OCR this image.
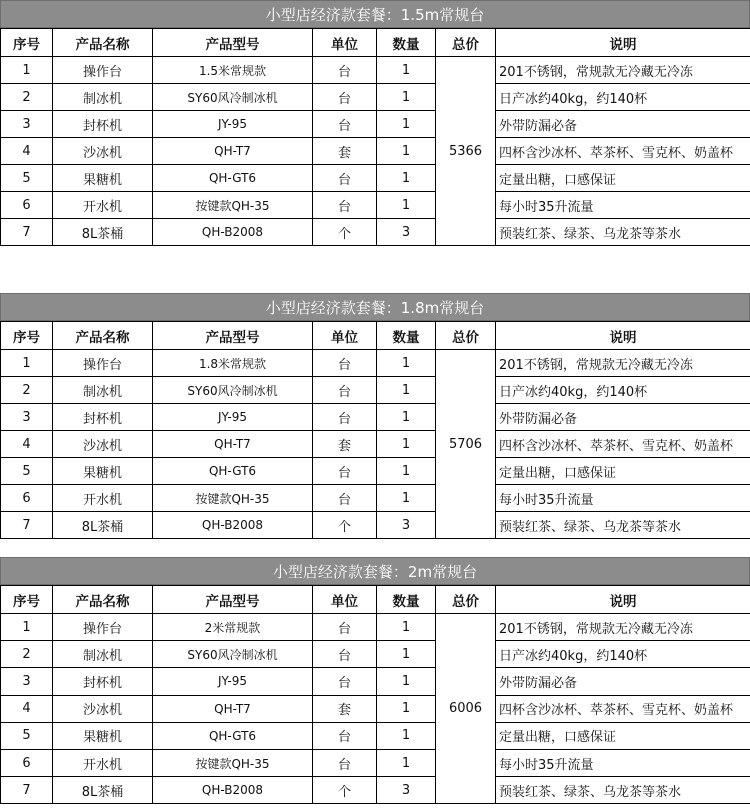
小型店经济款套餐：1.5m常规台
序号	产品名称	产品型号	单位	数量	总价	说明
1	操作台	1.5米常规款	台	1	5366	201不锈钢，常规款无冷藏无冷冻
2	制冰机	SY60风冷制冰机	台	1		日产冰约40kg，约140杯
3	封杯机	JY-95	台	1		外带防漏必备
4	沙冰机	QH-T7	套	1		四杯含沙冰杯、萃茶杯、雪克杯、奶盖杯
5	果糖机	QH-GT6	台	1		定量出糖，口感保证
6	开水机	按键款QH-35	台	1		每小时35升流量
7	8L茶桶	QH-B2008	个	3		预装红茶、绿茶、乌龙茶等茶水
小型店经济款套餐：1.8m常规台
序号	产品名称	产品型号	单位	数量	总价	说明
1	操作台	1.8米常规款	台	1	5706	201不锈钢，常规款无冷藏无冷冻
2	制冰机	SY60风冷制冰机	台	1		日产冰约40kg，约140杯
3	封杯机	JY-95	台	1		外带防漏必备
4	沙冰机	QH-T7	套	1		四杯含沙冰杯、萃茶杯、雪克杯、奶盖杯
5	果糖机	QH-GT6	台	1		定量出糖，口感保证
6	开水机	按键款QH-35	台	1		每小时35升流量
7	8L茶桶	QH-B2008	个	3		预装红茶、绿茶、乌龙茶等茶水
小型店经济款套餐：2m常规台
序号	产品名称	产品型号	单位	数量	总价	说明
1	操作台	2米常规款	台	1	6006	201不锈钢，常规款无冷藏无冷冻
2	制冰机	SY60风冷制冰机	台	1		日产冰约40kg，约140杯
3	封杯机	JY-95	台	1		外带防漏必备
4	沙冰机	QH-T7	套	1		四杯含沙冰杯、萃茶杯、雪克杯、奶盖杯
5	果糖机	QH-GT6	台	1		定量出糖，口感保证
6	开水机	按键款QH-35	台	1		每小时35升流量
7	8L茶桶	QH-B2008	个	3		预装红茶、绿茶、乌龙茶等茶水
